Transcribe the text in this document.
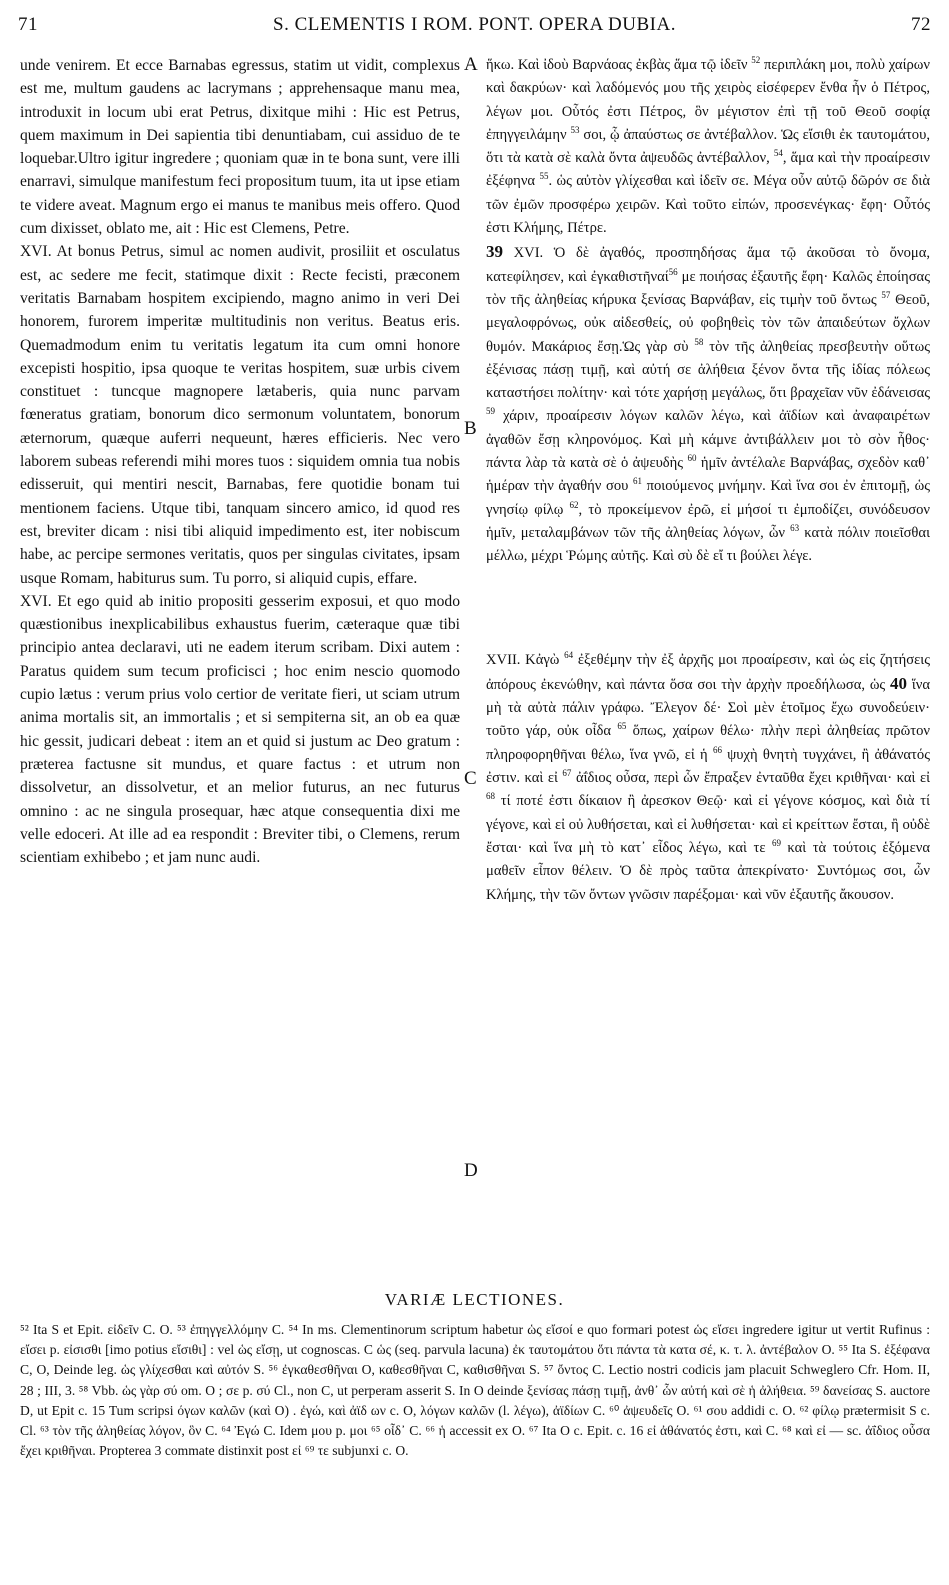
71	S. CLEMENTIS I ROM. PONT. OPERA DUBIA.	72

unde venirem. Et ecce Barnabas egressus, statim ut vidit, complexus est me, multum gaudens ac lacrymans ; apprehensaque manu mea, introduxit in locum ubi erat Petrus, dixitque mihi : Hic est Petrus, quem maximum in Dei sapientia tibi denuntiabam, cui assiduo de te loquebar.Ultro igitur ingredere ; quoniam quæ in te bona sunt, vere illi enarravi, simulque manifestum feci propositum tuum, ita ut ipse etiam te videre aveat. Magnum ergo ei manus te manibus meis offero. Quod cum dixisset, oblato me, ait : Hic est Clemens, Petre.

XVI. At bonus Petrus, simul ac nomen audivit, prosiliit et osculatus est, ac sedere me fecit, statimque dixit : Recte fecisti, præconem veritatis Barnabam hospitem excipiendo, magno animo in veri Dei honorem, furorem imperitæ multitudinis non veritus. Beatus eris. Quemadmodum enim tu veritatis legatum ita cum omni honore excepisti hospitio, ipsa quoque te veritas hospitem, suæ urbis civem constituet : tuncque magnopere lætaberis, quia nunc parvam fœneratus gratiam, bonorum dico sermonum voluntatem, bonorum æternorum, quæque auferri nequeunt, hæres efficieris. Nec vero laborem subeas referendi mihi mores tuos : siquidem omnia tua nobis edisseruit, qui mentiri nescit, Barnabas, fere quotidie bonam tui mentionem faciens. Utque tibi, tanquam sincero amico, id quod res est, breviter dicam : nisi tibi aliquid impedimento est, iter nobiscum habe, ac percipe sermones veritatis, quos per singulas civitates, ipsam usque Romam, habiturus sum. Tu porro, si aliquid cupis, effare.

XVI. Et ego quid ab initio propositi gesserim exposui, et quo modo quæstionibus inexplicabilibus exhaustus fuerim, cæteraque quæ tibi principio antea declaravi, uti ne eadem iterum scribam. Dixi autem : Paratus quidem sum tecum proficisci ; hoc enim nescio quomodo cupio lætus : verum prius volo certior de veritate fieri, ut sciam utrum anima mortalis sit, an immortalis ; et si sempiterna sit, an ob ea quæ hic gessit, judicari debeat : item an et quid si justum ac Deo gratum : præterea factusne sit mundus, et quare factus : et utrum non dissolvetur, an dissolvetur, et an melior futurus, an nec futurus omnino : ac ne singula prosequar, hæc atque consequentia dixi me velle edoceri. At ille ad ea respondit : Breviter tibi, o Clemens, rerum scientiam exhibebo ; et jam nunc audi.

A
B
C
D

ἥκω. Καὶ ἰδοὺ Βαρνάοας ἐκβὰς ἅμα τῷ ἰδεῖν $^{52}$ περιπλάκη μοι, πολὺ χαίρων καὶ δακρύων· καὶ λαδόμενός μου τῆς χειρὸς εἰσέφερεν ἔνθα ἦν ὁ Πέτρος, λέγων μοι. Οὗτός ἐστι Πέτρος, ὃν μέγιστον ἐπὶ τῇ τοῦ Θεοῦ σοφίᾳ ἐπηγγειλάμην $^{53}$ σοι, ᾧ ἀπαύστως σε ἀντέβαλλον. Ὡς εἴσιθι ἐκ ταυτομάτου, ὅτι τὰ κατὰ σὲ καλὰ ὄντα ἀψευδῶς ἀντέβαλλον, $^{54}$, ἅμα καὶ τὴν προαίρεσιν ἐξέφηνα $^{55}$. ὡς αὐτὸν γλίχεσθαι καὶ ἰδεῖν σε. Μέγα οὖν αὐτῷ δῶρόν σε διὰ τῶν ἐμῶν προσφέρω χειρῶν. Καὶ τοῦτο εἰπών, προσενέγκας· ἔφη· Οὗτός ἐστι Κλήμης, Πέτρε.

39 XVI. Ὁ δὲ ἀγαθός, προσπηδήσας ἅμα τῷ ἀκοῦσαι τὸ ὄνομα, κατεφίλησεν, καὶ ἐγκαθιστῆναί$^{56}$ με ποιήσας ἐξαυτῆς ἔφη· Καλῶς ἐποίησας τὸν τῆς ἀληθείας κήρυκα ξενίσας Βαρνάβαν, εἰς τιμὴν τοῦ ὄντως $^{57}$ Θεοῦ, μεγαλοφρόνως, οὐκ αἰδεσθείς, οὐ φοβηθεὶς τὸν τῶν ἀπαιδεύτων ὄχλων θυμόν. Μακάριος ἔσῃ.Ὡς γὰρ σὺ $^{58}$ τὸν τῆς ἀληθείας πρεσβευτὴν οὕτως ἐξένισας πάσῃ τιμῇ, καὶ αὐτή σε ἀλήθεια ξένον ὄντα τῆς ἰδίας πόλεως καταστήσει πολίτην· καὶ τότε χαρήσῃ μεγάλως, ὅτι βραχεῖαν νῦν ἐδάνεισας $^{59}$ χάριν, προαίρεσιν λόγων καλῶν λέγω, καὶ ἀϊδίων καὶ ἀναφαιρέτων ἀγαθῶν ἔσῃ κληρονόμος. Καὶ μὴ κάμνε ἀντιβάλλειν μοι τὸ σὸν ἦθος· πάντα λὰρ τὰ κατὰ σὲ ὁ ἀψευδὴς $^{60}$ ἡμῖν ἀντέλαλε Βαρνάβας, σχεδὸν καθ᾿ ἡμέραν τὴν ἀγαθήν σου $^{61}$ ποιούμενος μνήμην. Καὶ ἵνα σοι ἐν ἐπιτομῇ, ὡς γνησίῳ φίλῳ $^{62}$, τὸ προκείμενον ἐρῶ, εἰ μήσοί τι ἐμποδίζει, συνόδευσον ἡμῖν, μεταλαμβάνων τῶν τῆς ἀληθείας λόγων, ὧν $^{63}$ κατὰ πόλιν ποιεῖσθαι μέλλω, μέχρι Ῥώμης αὐτῆς. Καὶ σὺ δὲ εἴ τι βούλει λέγε.

XVII. Κἀγὼ $^{64}$ ἐξεθέμην τὴν ἐξ ἀρχῆς μοι προαίρεσιν, καὶ ὡς εἰς ζητήσεις ἀπόρους ἐκενώθην, καὶ πάντα ὅσα σοι τὴν ἀρχὴν προεδήλωσα, ὡς 40 ἵνα μὴ τὰ αὐτὰ πάλιν γράφω. Ἔλεγον δέ· Σοὶ μὲν ἑτοῖμος ἔχω συνοδεύειν· τοῦτο γάρ, οὐκ οἶδα $^{65}$ ὅπως, χαίρων θέλω· πλὴν περὶ ἀληθείας πρῶτον πληροφορηθῆναι θέλω, ἵνα γνῶ, εἰ ἡ $^{66}$ ψυχὴ θνητὴ τυγχάνει, ἢ ἀθάνατός ἐστιν. καὶ εἰ $^{67}$ ἀΐδιος οὖσα, περὶ ὧν ἔπραξεν ἐνταῦθα ἔχει κριθῆναι· καὶ εἰ $^{68}$ τί ποτέ ἐστι δίκαιον ἢ ἀρεσκον Θεῷ· καὶ εἰ γέγονε κόσμος, καὶ διὰ τί γέγονε, καὶ εἰ οὐ λυθήσεται, καὶ εἰ λυθήσεται· καὶ εἰ κρείττων ἔσται, ἢ οὐδὲ ἔσται· καὶ ἵνα μὴ τὸ κατ᾿ εἶδος λέγω, καὶ τε $^{69}$ καὶ τὰ τούτοις ἑξόμενα μαθεῖν εἶπον θέλειν. Ὁ δὲ πρὸς ταῦτα ἀπεκρίνατο· Συντόμως σοι, ὦν Κλήμης, τὴν τῶν ὄντων γνῶσιν παρέξομαι· καὶ νῦν ἐξαυτῆς ἄκουσον.

VARIÆ LECTIONES.

⁵² Ita S et Epit. εἰδεῖν C. O. ⁵³ ἐπηγγελλόμην C. ⁵⁴ In ms. Clementinorum scriptum habetur ὡς εἴσοί e quo formari potest ὡς εἴσει ingredere igitur ut vertit Rufinus : εἴσει p. εἰσισθι [imo potius εἴσιθι] : vel ὡς εἴσῃ, ut cognoscas. C ὡς (seq. parvula lacuna) ἐκ ταυτομάτου ὅτι πάντα τὰ κατα σέ, κ. τ. λ. ἀντέβαλον O. ⁵⁵ Ita S. ἐξέφανα C, O, Deinde leg. ὡς γλίχεσθαι καὶ αὐτόν S. ⁵⁶ ἐγκαθεσθῆναι O, καθεσθῆναι C, καθισθῆναι S. ⁵⁷ ὄντος C. Lectio nostri codicis jam placuit Schweglero Cfr. Hom. II, 28 ; III, 3. ⁵⁸ Vbb. ὡς γὰρ σύ om. O ; σε p. σύ Cl., non C, ut perperam asserit S. In O deinde ξενίσας πάσῃ τιμῇ, ἀνθ᾿ ὧν αὐτή καὶ σὲ ἡ ἀλήθεια. ⁵⁹ δανείσας S. auctore D, ut Epit c. 15 Tum scripsi όγων καλῶν (καὶ O) . ἐγώ, καὶ ἀϊδ ων c. O, λόγων καλῶν (l. λέγω), ἀϊδίων C. ⁶⁰ ἀψευδεῖς O. ⁶¹ σου addidi c. O. ⁶² φίλῳ prætermisit S c. Cl. ⁶³ τὸν τῆς ἀληθείας λόγον, ὃν C. ⁶⁴ Ἐγώ C. Idem μου p. μοι ⁶⁵ οἶδ᾿ C. ⁶⁶ ἡ accessit ex O. ⁶⁷ Ita O c. Epit. c. 16 εἰ ἀθάνατός ἐστι, καὶ C. ⁶⁸ καὶ εἰ — sc. ἀΐδιος οὖσα ἔχει κριθῆναι. Propterea 3 commate distinxit post εἰ ⁶⁹ τε subjunxi c. O.
